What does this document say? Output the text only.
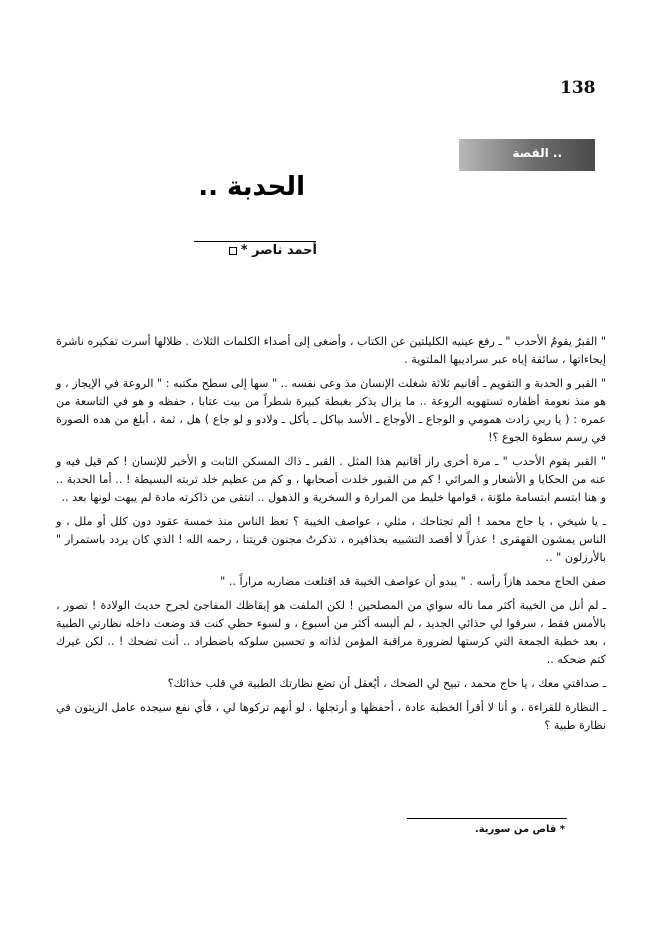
138
القصة ..
الحدبة ..
أحمد ناصر *

" القبرُ يقومُ الأحدب " ـ رفع عينيه الكليلتين عن الكتاب ، وأصغى إلى أصداء الكلمات الثلاث . ظلالها أسرت تفكيره ناشرة إيحاءاتها ، سائقة إياه عبر سراديبها الملتوية .

" القبر و الحدبة و التقويم ـ أقانيم ثلاثة شغلت الإنسان مذ وعى نفسه .. " سها إلى سطح مكتبه : " الروعة في الإيجاز ، و هو منذ نعومة أظفاره تستهويه الروعة .. ما يزال يذكر بغبطة كبيرة شطراً من بيت عتابا ، حفظه و هو في التاسعة من عمره : ( يا ربي زادت همومي و الوجاع ـ الأوجاع ـ الأسد بياكل ـ يأكل ـ ولادو و لو جاع ) هل ، ثمة ، أبلغ من هده الصورة في رسم سطوة الجوع ؟!

" القبر يقوم الأحدب " ـ مرة أخرى راز أقانيم هذا المثل . القبر ـ ذاك المسكن الثابت و الأخير للإنسان ! كم قيل فيه و عنه من الحكايا و الأشعار و المراثي ! كم من القبور خلدت أصحابها ، و كم من عظيم خلد تربته البسيطة ! .. أما الحدبة .. و هنا ابتسم ابتسامة ملوّنة ، قوامها خليط من المرارة و السخرية و الذهول .. انتقى من ذاكرته مادة لم يبهت لونها بعد ..

ـ يا شيخي ، يا حاج محمد ! ألم تجتاحك ، مثلي ، عواصف الخيبة ؟ تعظ الناس منذ خمسة عقود دون كلل أو ملل ، و الناس يمشون القهقرى ! عذراً لا أقصد التشبيه بحذافيره ، تذكرتُ مجنون قريتنا ، رحمه الله ! الذي كان يردد باستمرار " بالأرزلون " ..

صفن الحاج محمد هازاً رأسه . " يبدو أن عواصف الخيبة قد اقتلعت مضاربه مراراً .. "

ـ لم أنل من الخيبة أكثر مما ناله سواي من المصلحين ! لكن الملفت هو إيقاظك المفاجئ لجرح حديث الولادة ! تصور ، بالأمس فقط ، سرقوا لي حذائي الجديد ، لم ألبسه أكثر من أسبوع ، و لسوء حظي كنت قد وضعت داخله نظارتي الطبية ، بعد خطبة الجمعة التي كرستها لضرورة مراقبة المؤمن لذاته و تحسين سلوكه باضطراد .. أنت تضحك ! .. لكن غيرك كتم ضحكه ..

ـ صداقتي معك ، يا حاج محمد ، تبيح لي الضحك ، أيُعقل أن تضع نظارتك الطبية في قلب حذائك؟

ـ النظارة للقراءة ، و أنا لا أقرأ الخطبة عادة ، أحفظها و أرتجلها . لو أنهم تركوها لي ، فأي نفع سيجده عامل الزيتون في نظارة طبية ؟

* قاص من سورية.
